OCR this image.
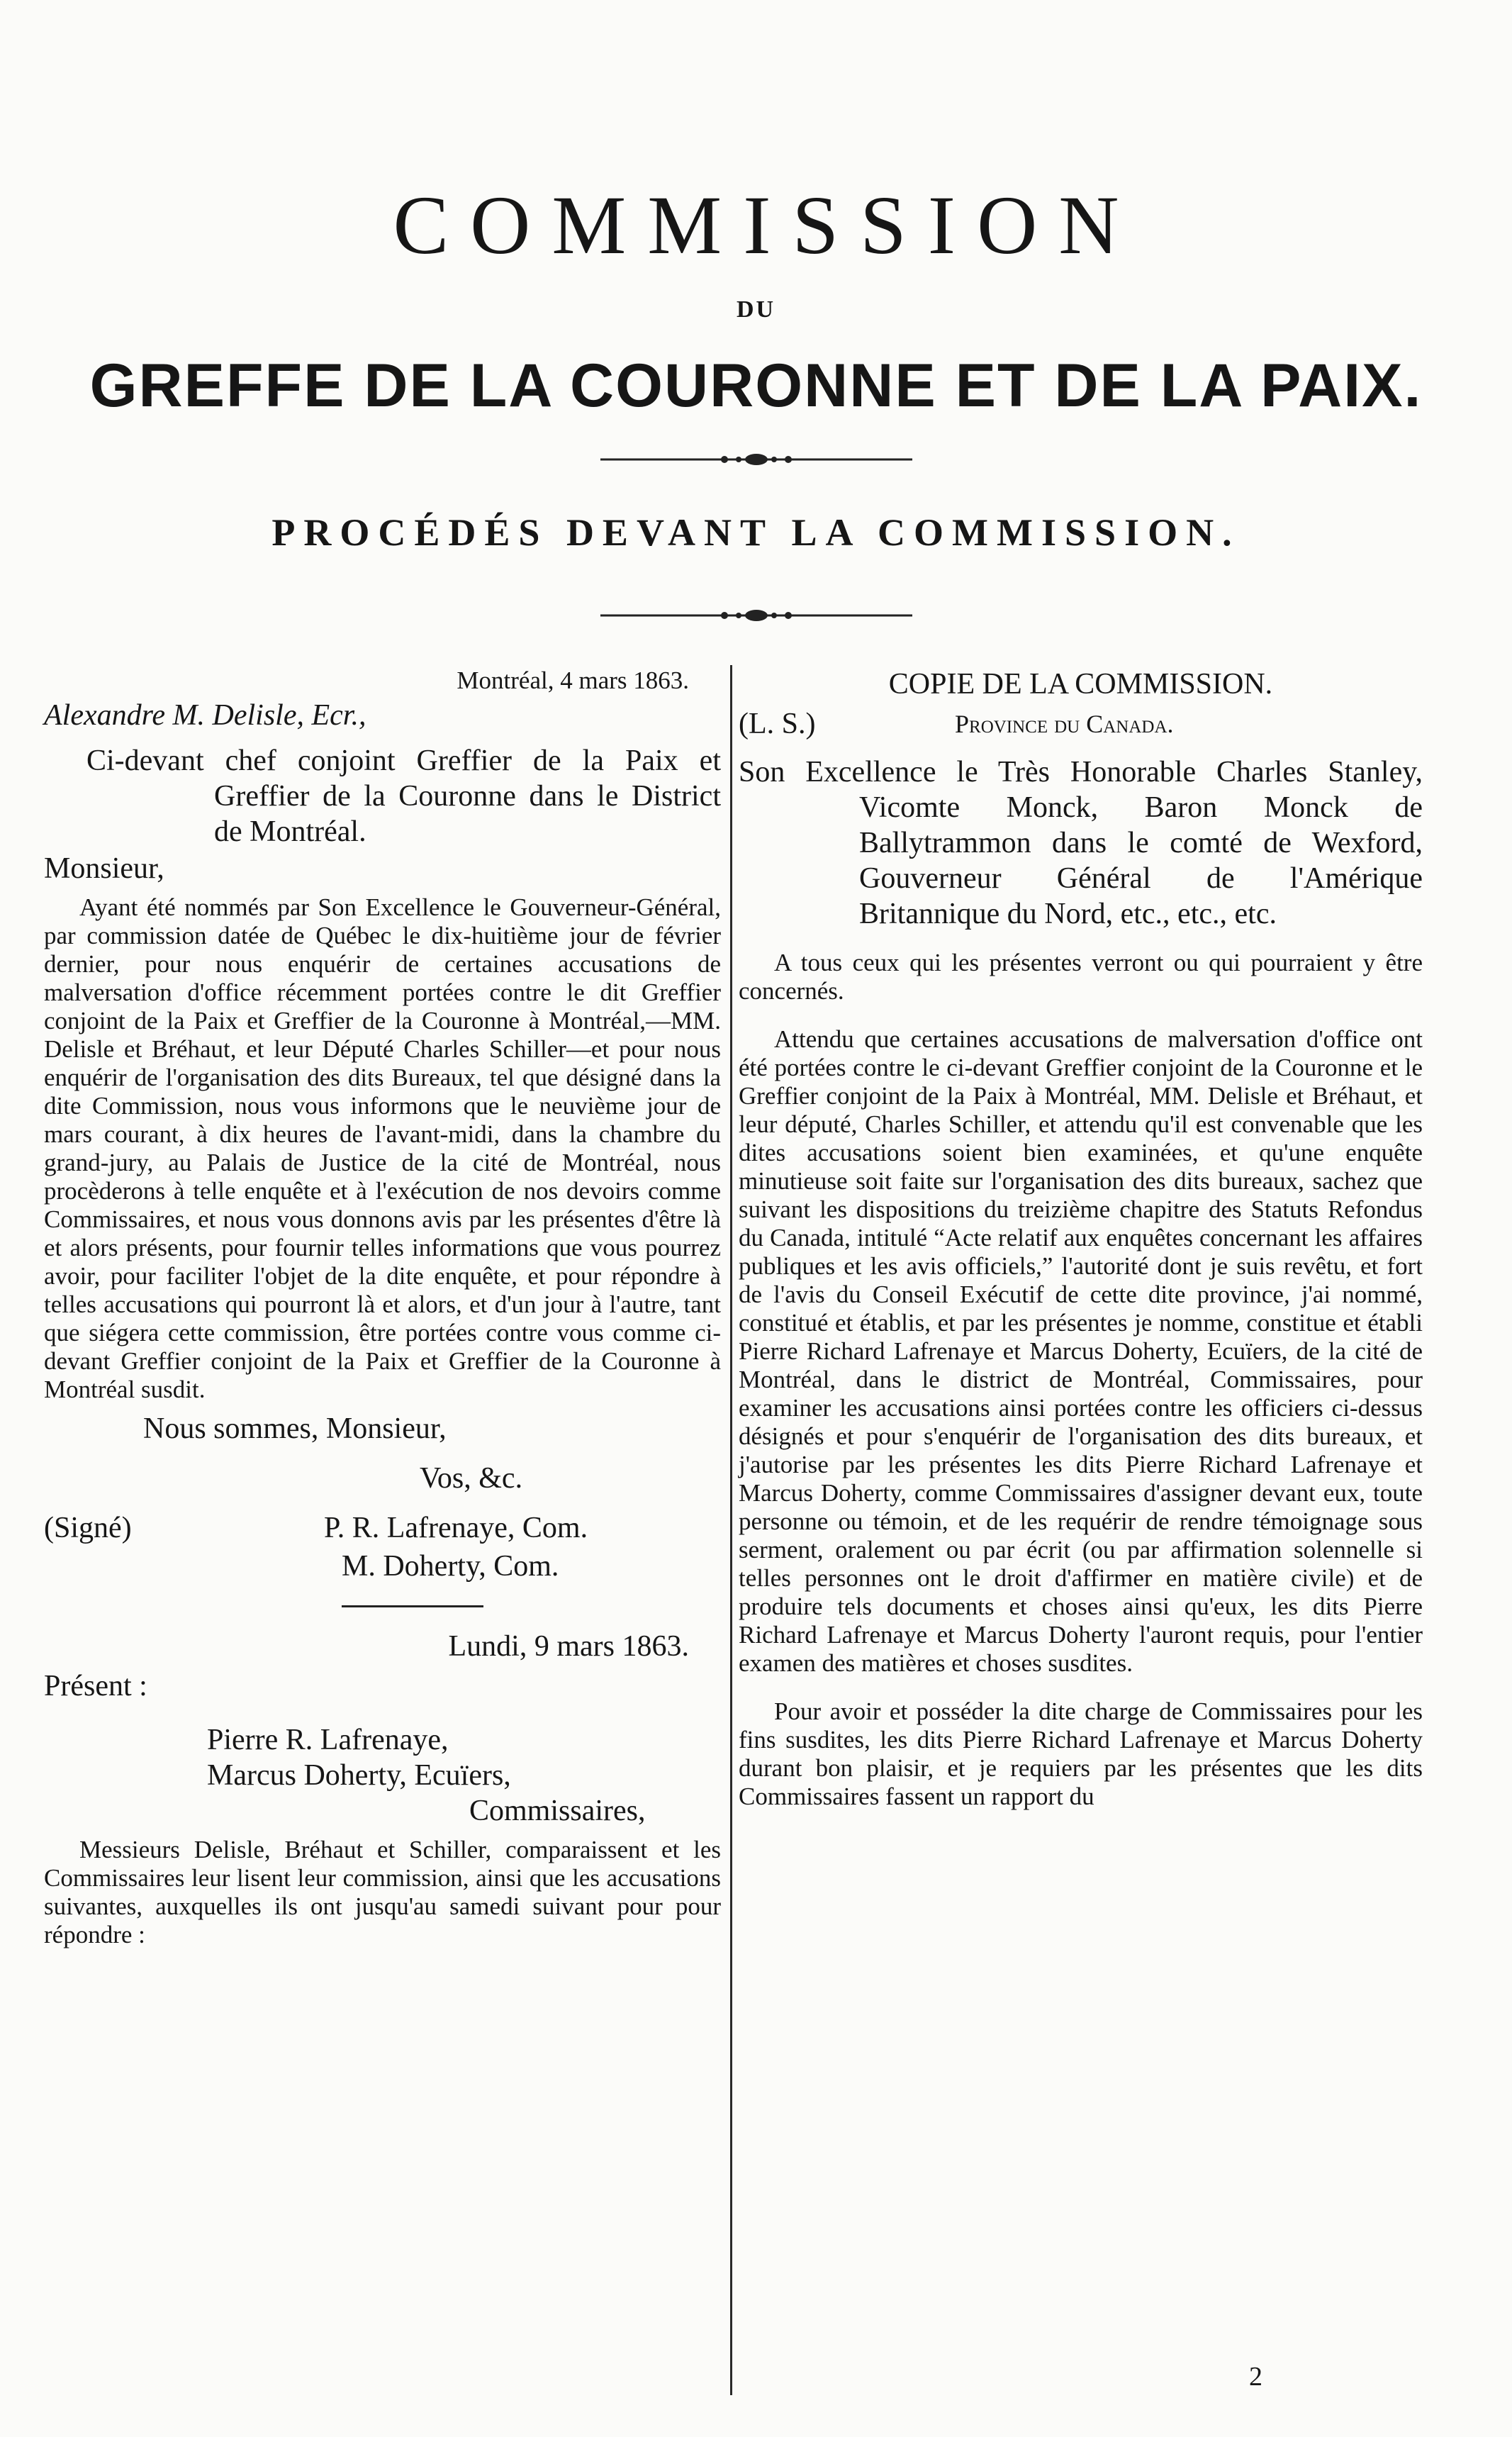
COMMISSION
DU
GREFFE DE LA COURONNE ET DE LA PAIX.
PROCÉDÉS DEVANT LA COMMISSION.

Montréal, 4 mars 1863.

Alexandre M. Delisle, Ecr.,

Ci-devant chef conjoint Greffier de la Paix et Greffier de la Couronne dans le District de Montréal.

Monsieur,

Ayant été nommés par Son Excellence le Gouverneur-Général, par commission datée de Québec le dix-huitième jour de février dernier, pour nous enquérir de certaines accusations de malversation d'office récemment portées contre le dit Greffier conjoint de la Paix et Greffier de la Couronne à Montréal,—MM. Delisle et Bréhaut, et leur Député Charles Schiller—et pour nous enquérir de l'organisation des dits Bureaux, tel que désigné dans la dite Commission, nous vous informons que le neuvième jour de mars courant, à dix heures de l'avant-midi, dans la chambre du grand-jury, au Palais de Justice de la cité de Montréal, nous procèderons à telle enquête et à l'exécution de nos devoirs comme Commissaires, et nous vous donnons avis par les présentes d'être là et alors présents, pour fournir telles informations que vous pourrez avoir, pour faciliter l'objet de la dite enquête, et pour répondre à telles accusations qui pourront là et alors, et d'un jour à l'autre, tant que siégera cette commission, être portées contre vous comme ci-devant Greffier conjoint de la Paix et Greffier de la Couronne à Montréal susdit.

Nous sommes, Monsieur,

Vos, &c.

(Signé)	P. R. Lafrenaye, Com.

M. Doherty, Com.

Lundi, 9 mars 1863.

Présent :

Pierre R. Lafrenaye,

Marcus Doherty, Ecuïers,

Commissaires,

Messieurs Delisle, Bréhaut et Schiller, comparaissent et les Commissaires leur lisent leur commission, ainsi que les accusations suivantes, auxquelles ils ont jusqu'au samedi suivant pour pour répondre :

COPIE DE LA COMMISSION.

(L. S.)	Province du Canada.

Son Excellence le Très Honorable Charles Stanley, Vicomte Monck, Baron Monck de Ballytrammon dans le comté de Wexford, Gouverneur Général de l'Amérique Britannique du Nord, etc., etc., etc.

A tous ceux qui les présentes verront ou qui pourraient y être concernés.

Attendu que certaines accusations de malversation d'office ont été portées contre le ci-devant Greffier conjoint de la Couronne et le Greffier conjoint de la Paix à Montréal, MM. Delisle et Bréhaut, et leur député, Charles Schiller, et attendu qu'il est convenable que les dites accusations soient bien examinées, et qu'une enquête minutieuse soit faite sur l'organisation des dits bureaux, sachez que suivant les dispositions du treizième chapitre des Statuts Refondus du Canada, intitulé “Acte relatif aux enquêtes concernant les affaires publiques et les avis officiels,” l'autorité dont je suis revêtu, et fort de l'avis du Conseil Exécutif de cette dite province, j'ai nommé, constitué et établis, et par les présentes je nomme, constitue et établi Pierre Richard Lafrenaye et Marcus Doherty, Ecuïers, de la cité de Montréal, dans le district de Montréal, Commissaires, pour examiner les accusations ainsi portées contre les officiers ci-dessus désignés et pour s'enquérir de l'organisation des dits bureaux, et j'autorise par les présentes les dits Pierre Richard Lafrenaye et Marcus Doherty, comme Commissaires d'assigner devant eux, toute personne ou témoin, et de les requérir de rendre témoignage sous serment, oralement ou par écrit (ou par affirmation solennelle si telles personnes ont le droit d'affirmer en matière civile) et de produire tels documents et choses ainsi qu'eux, les dits Pierre Richard Lafrenaye et Marcus Doherty l'auront requis, pour l'entier examen des matières et choses susdites.

Pour avoir et posséder la dite charge de Commissaires pour les fins susdites, les dits Pierre Richard Lafrenaye et Marcus Doherty durant bon plaisir, et je requiers par les présentes que les dits Commissaires fassent un rapport du

2
